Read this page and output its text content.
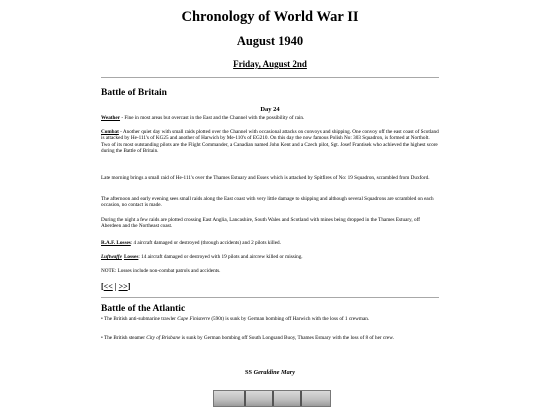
Chronology of World War II
August 1940
Friday, August 2nd
Battle of Britain
Day 24

Weather - Fine in most areas but overcast in the East and the Channel with the possibility of rain.

Combat - Another quiet day with small raids plotted over the Channel with occasional attacks on convoys and shipping. One convoy off the east coast of Scotland is attacked by He-111's of KG25 and another of Harwich by Me-110's of EG210. On this day the now famous Polish No: 303 Squadron, is formed at Northolt. Two of its most outstanding pilots are the Flight Commander, a Canadian named John Kent and a Czech pilot, Sgt. Josef Frantisek who achieved the highest score during the Battle of Britain.

Late morning brings a small raid of He-111's over the Thames Estuary and Essex which is attacked by Spitfires of No: 19 Squadron, scrambled from Duxford.

The afternoon and early evening sees small raids along the East coast with very little damage to shipping and although several Squadrons are scrambled on each occasion, no contact is made.

During the night a few raids are plotted crossing East Anglia, Lancashire, South Wales and Scotland with mines being dropped in the Thames Estuary, off Aberdeen and the Northeast coast.

R.A.F. Losses: 4 aircraft damaged or destroyed (through accidents) and 2 pilots killed.

Luftwaffe Losses: 14 aircraft damaged or destroyed with 19 pilots and aircrew killed or missing.

NOTE: Losses include non-combat patrols and accidents.

[<< | >>]
Battle of the Atlantic
• The British anti-submarine trawler Cape Finisterre (590t) is sunk by German bombing off Harwich with the loss of 1 crewman.
• The British steamer City of Brisbane is sunk by German bombing off South Longsand Buoy, Thames Estuary with the loss of 8 of her crew.
SS Geraldine Mary
